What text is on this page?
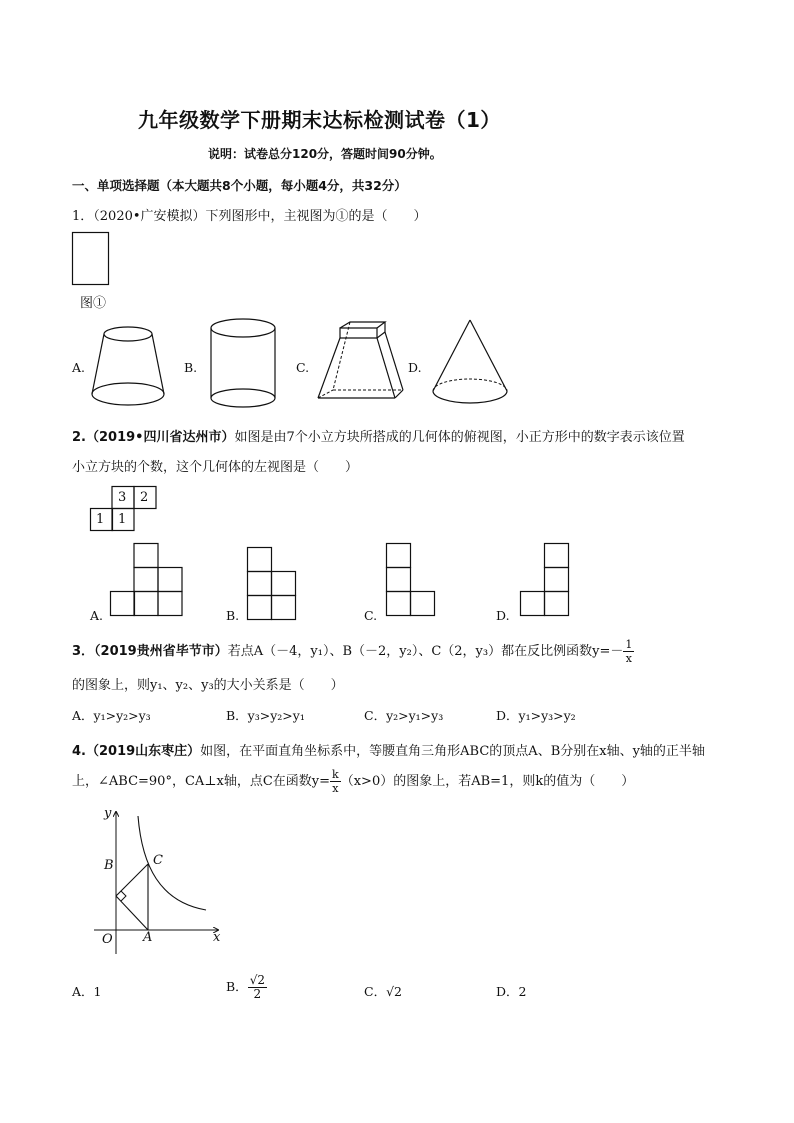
九年级数学下册期末达标检测试卷（1）
说明：试卷总分120分，答题时间90分钟。
一、单项选择题（本大题共8个小题，每小题4分，共32分）
1．（2020•广安模拟）下列图形中，主视图为①的是（　　）
图①
A.	B.	C.	D.
2.（2019•四川省达州市）如图是由7个小立方块所搭成的几何体的俯视图，小正方形中的数字表示该位置
小立方块的个数，这个几何体的左视图是（　　）
3 2
1 1
A.	B.	C.	D.
3．（2019贵州省毕节市）若点A（－4，y₁）、B（－2，y₂）、C（2，y₃）都在反比例函数$y=- \frac{1}{x}$
的图象上，则y₁、y₂、y₃的大小关系是（　　）
A．y₁>y₂>y₃	B．y₃>y₂>y₁	C．y₂>y₁>y₃	D．y₁>y₃>y₂
4.（2019山东枣庄）如图，在平面直角坐标系中，等腰直角三角形ABC的顶点A、B分别在x轴、y轴的正半轴
上，∠ABC=90°，CA⊥x轴，点C在函数$y= \frac{k}{x} (x>0)$的图象上，若AB=1，则k的值为（　　）
y
x
O A
B	C
A．1	B． $\frac{√2}{2}$	C．√2	D．2
